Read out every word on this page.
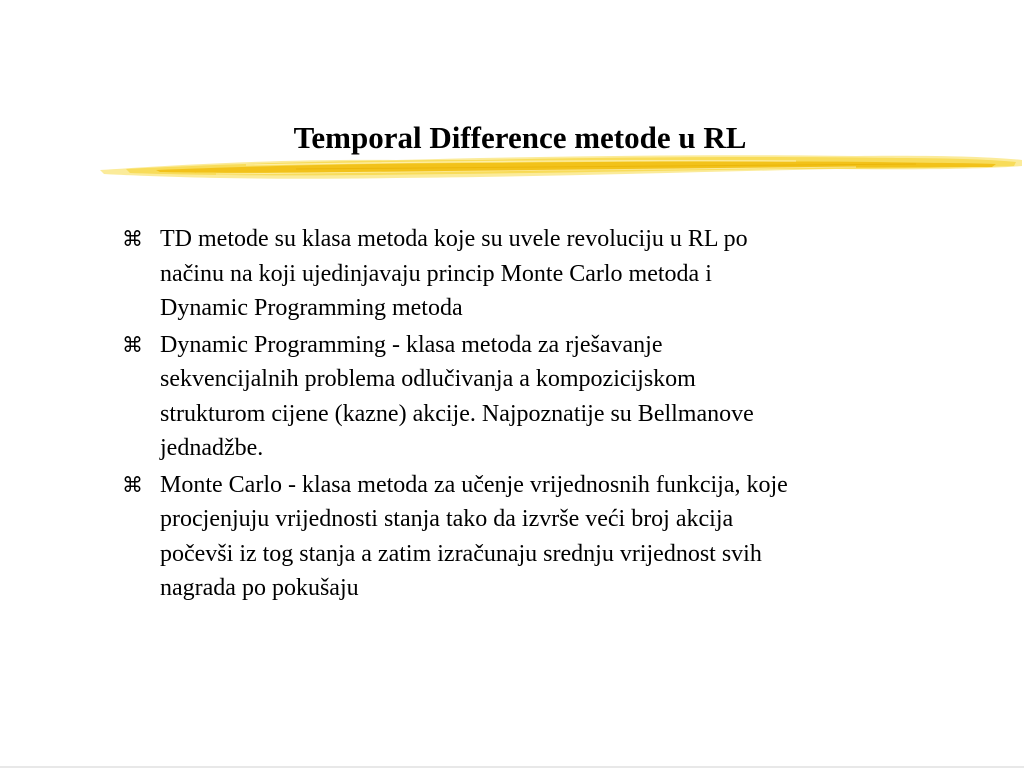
Temporal Difference metode u RL
⌘ TD metode su klasa metoda koje su uvele revoluciju u RL po
načinu na koji ujedinjavaju princip Monte Carlo metoda i
Dynamic Programming metoda
⌘ Dynamic Programming - klasa metoda za rješavanje
sekvencijalnih problema odlučivanja a kompozicijskom
strukturom cijene (kazne) akcije. Najpoznatije su Bellmanove
jednadžbe.
⌘ Monte Carlo - klasa metoda za učenje vrijednosnih funkcija, koje
procjenjuju vrijednosti stanja tako da izvrše veći broj akcija
počevši iz tog stanja a zatim izračunaju srednju vrijednost svih
nagrada po pokušaju
